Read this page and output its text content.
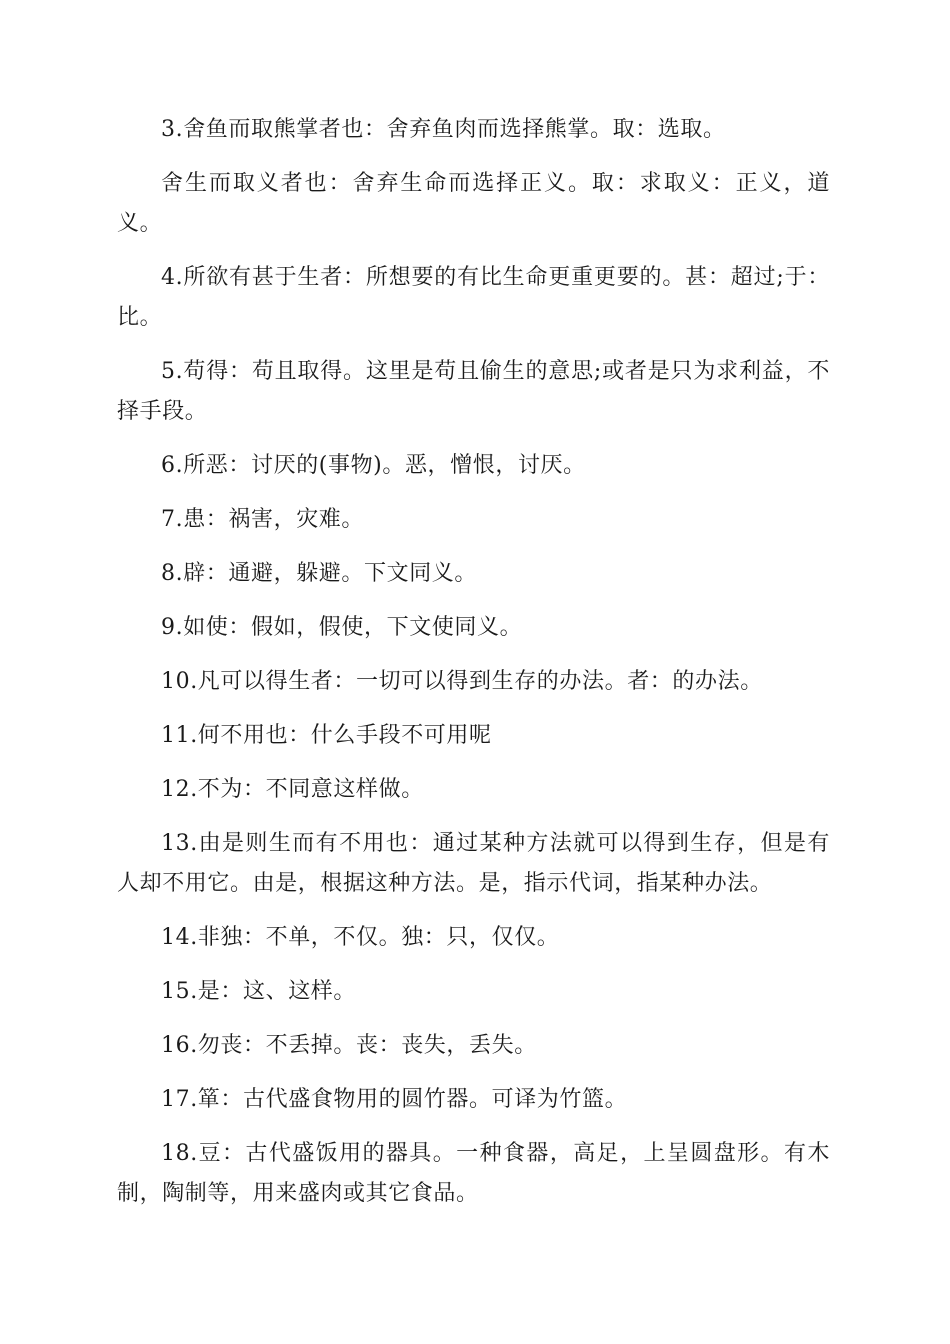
3.舍鱼而取熊掌者也：舍弃鱼肉而选择熊掌。取：选取。

舍生而取义者也：舍弃生命而选择正义。取：求取义：正义，道义。

4.所欲有甚于生者：所想要的有比生命更重更要的。甚：超过;于：比。

5.苟得：苟且取得。这里是苟且偷生的意思;或者是只为求利益，不择手段。

6.所恶：讨厌的(事物)。恶，憎恨，讨厌。

7.患：祸害，灾难。

8.辟：通避，躲避。下文同义。

9.如使：假如，假使，下文使同义。

10.凡可以得生者：一切可以得到生存的办法。者：的办法。

11.何不用也：什么手段不可用呢

12.不为：不同意这样做。

13.由是则生而有不用也：通过某种方法就可以得到生存，但是有人却不用它。由是，根据这种方法。是，指示代词，指某种办法。

14.非独：不单，不仅。独：只，仅仅。

15.是：这、这样。

16.勿丧：不丢掉。丧：丧失，丢失。

17.箪：古代盛食物用的圆竹器。可译为竹篮。

18.豆：古代盛饭用的器具。一种食器，高足，上呈圆盘形。有木制，陶制等，用来盛肉或其它食品。
